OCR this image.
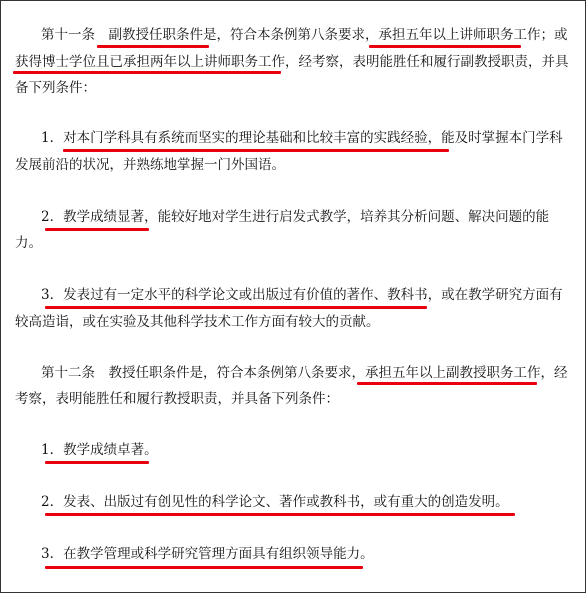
第十一条　副教授任职条件是，符合本条例第八条要求，承担五年以上讲师职务工作；或
获得博士学位且已承担两年以上讲师职务工作，经考察，表明能胜任和履行副教授职责，并具
备下列条件：
1．对本门学科具有系统而坚实的理论基础和比较丰富的实践经验，能及时掌握本门学科
发展前沿的状况，并熟练地掌握一门外国语。
2．教学成绩显著，能较好地对学生进行启发式教学，培养其分析问题、解决问题的能
力。
3．发表过有一定水平的科学论文或出版过有价值的著作、教科书，或在教学研究方面有
较高造诣，或在实验及其他科学技术工作方面有较大的贡献。
第十二条　教授任职条件是，符合本条例第八条要求，承担五年以上副教授职务工作，经
考察，表明能胜任和履行教授职责，并具备下列条件：
1．教学成绩卓著。
2．发表、出版过有创见性的科学论文、著作或教科书，或有重大的创造发明。
3．在教学管理或科学研究管理方面具有组织领导能力。
